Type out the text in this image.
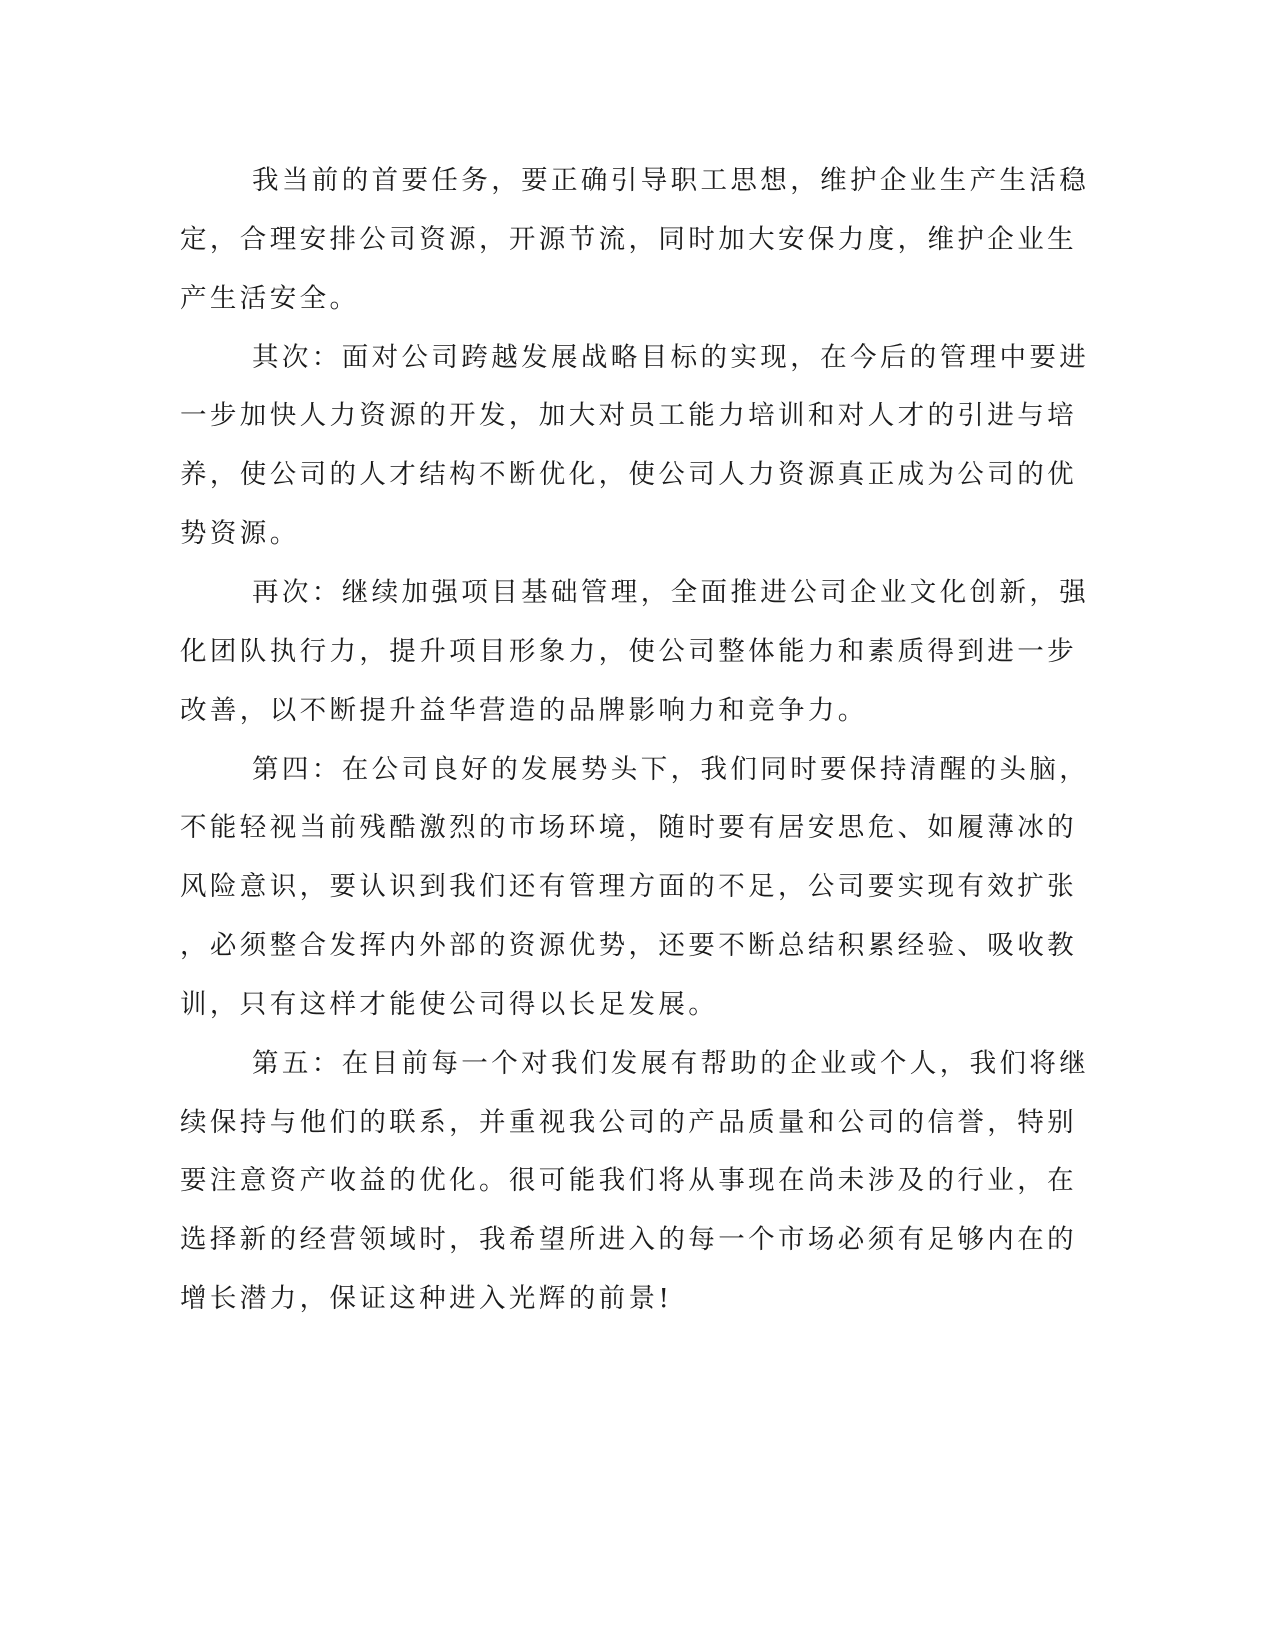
我当前的首要任务，要正确引导职工思想，维护企业生产生活稳

定，合理安排公司资源，开源节流，同时加大安保力度，维护企业生

产生活安全。

其次：面对公司跨越发展战略目标的实现，在今后的管理中要进

一步加快人力资源的开发，加大对员工能力培训和对人才的引进与培

养，使公司的人才结构不断优化，使公司人力资源真正成为公司的优

势资源。

再次：继续加强项目基础管理，全面推进公司企业文化创新，强

化团队执行力，提升项目形象力，使公司整体能力和素质得到进一步

改善，以不断提升益华营造的品牌影响力和竞争力。

第四：在公司良好的发展势头下，我们同时要保持清醒的头脑，

不能轻视当前残酷激烈的市场环境，随时要有居安思危、如履薄冰的

风险意识，要认识到我们还有管理方面的不足，公司要实现有效扩张

，必须整合发挥内外部的资源优势，还要不断总结积累经验、吸收教

训，只有这样才能使公司得以长足发展。

第五：在目前每一个对我们发展有帮助的企业或个人，我们将继

续保持与他们的联系，并重视我公司的产品质量和公司的信誉，特别

要注意资产收益的优化。很可能我们将从事现在尚未涉及的行业，在

选择新的经营领域时，我希望所进入的每一个市场必须有足够内在的

增长潜力，保证这种进入光辉的前景!
